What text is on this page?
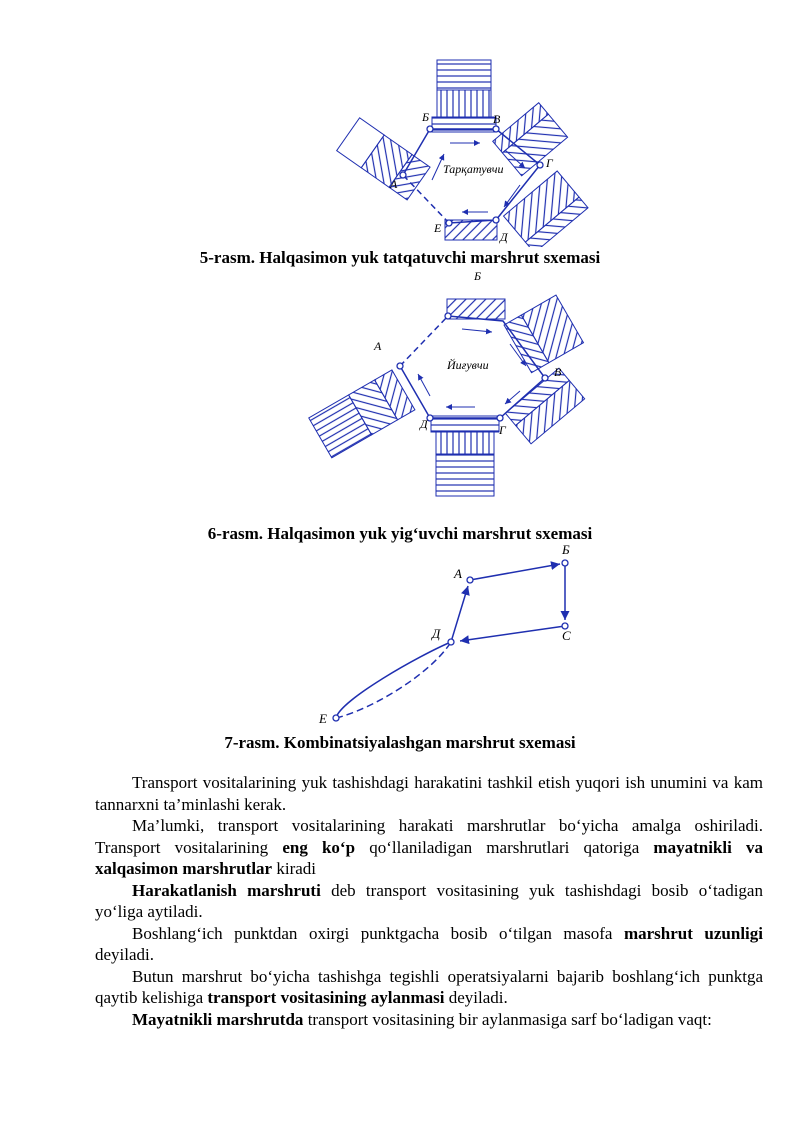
А
Б	В
Г
Д
Е
Тарқатувчи
5-rasm. Halqasimon yuk tatqatuvchi marshrut sxemasi
Б
А
В
Г
Д
Йиғувчи
6-rasm. Halqasimon yuk yig‘uvchi marshrut sxemasi
А
Б
С
Д
Е
7-rasm. Kombinatsiyalashgan marshrut sxemasi

Transport vositalarining yuk tashishdagi harakatini tashkil etish yuqori ish unumini va kam tannarxni ta’minlashi kerak.

Ma’lumki, transport vositalarining harakati marshrutlar bo‘yicha amalga oshiriladi. Transport vositalarining eng ko‘p qo‘llaniladigan marshrutlari qatoriga mayatnikli va xalqasimon marshrutlar kiradi

Harakatlanish marshruti deb transport vositasining yuk tashishdagi bosib o‘tadigan yo‘liga aytiladi.

Boshlang‘ich punktdan oxirgi punktgacha bosib o‘tilgan masofa marshrut uzunligi deyiladi.

Butun marshrut bo‘yicha tashishga tegishli operatsiyalarni bajarib boshlang‘ich punktga qaytib kelishiga transport vositasining aylanmasi deyiladi.

Mayatnikli marshrutda transport vositasining bir aylanmasiga sarf bo‘ladigan vaqt:
